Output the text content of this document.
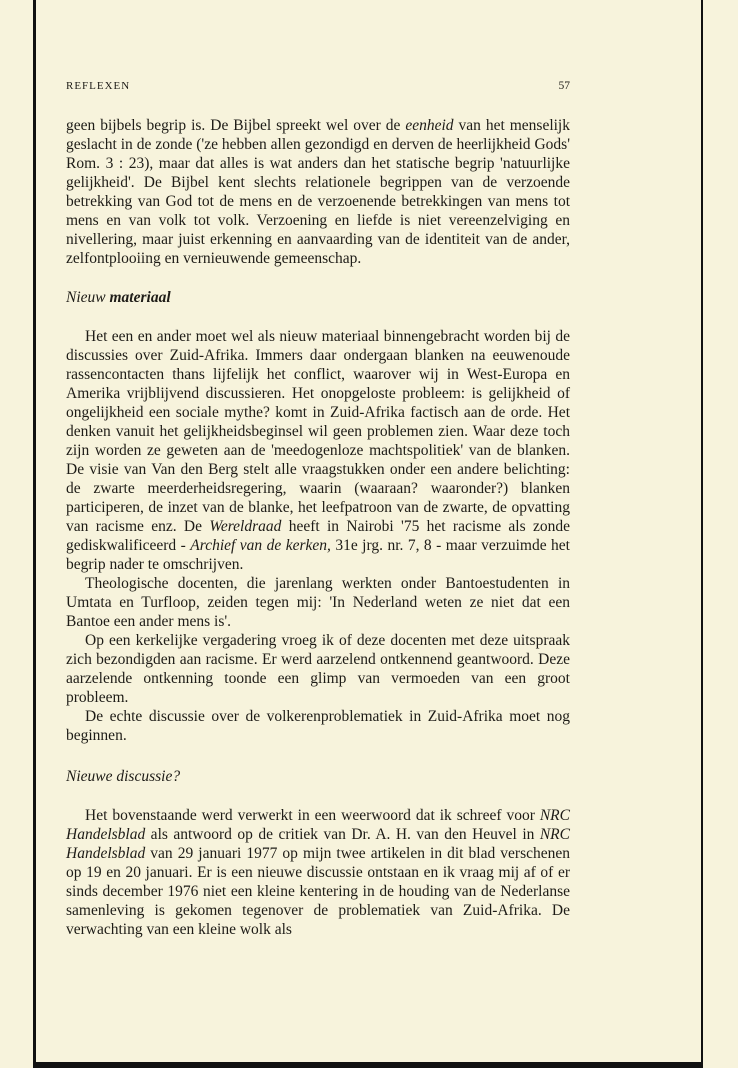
REFLEXEN	57

geen bijbels begrip is. De Bijbel spreekt wel over de eenheid van het menselijk geslacht in de zonde ('ze hebben allen gezondigd en derven de heerlijkheid Gods' Rom. 3 : 23), maar dat alles is wat anders dan het statische begrip 'natuurlijke gelijkheid'. De Bijbel kent slechts relationele begrippen van de verzoende betrekking van God tot de mens en de verzoenende betrekkingen van mens tot mens en van volk tot volk. Verzoening en liefde is niet vereenzelviging en nivellering, maar juist erkenning en aanvaarding van de identiteit van de ander, zelfontplooiing en vernieuwende gemeenschap.

Nieuw materiaal

Het een en ander moet wel als nieuw materiaal binnengebracht worden bij de discussies over Zuid-Afrika. Immers daar ondergaan blanken na eeuwenoude rassencontacten thans lijfelijk het conflict, waarover wij in West-Europa en Amerika vrijblijvend discussieren. Het onopgeloste probleem: is gelijkheid of ongelijkheid een sociale mythe? komt in Zuid-Afrika factisch aan de orde. Het denken vanuit het gelijkheidsbeginsel wil geen problemen zien. Waar deze toch zijn worden ze geweten aan de 'meedogenloze machtspolitiek' van de blanken. De visie van Van den Berg stelt alle vraagstukken onder een andere belichting: de zwarte meerderheidsregering, waarin (waaraan? waaronder?) blanken participeren, de inzet van de blanke, het leefpatroon van de zwarte, de opvatting van racisme enz. De Wereldraad heeft in Nairobi '75 het racisme als zonde gediskwalificeerd - Archief van de kerken, 31e jrg. nr. 7, 8 - maar verzuimde het begrip nader te omschrijven.

Theologische docenten, die jarenlang werkten onder Bantoestudenten in Umtata en Turfloop, zeiden tegen mij: 'In Nederland weten ze niet dat een Bantoe een ander mens is'.

Op een kerkelijke vergadering vroeg ik of deze docenten met deze uitspraak zich bezondigden aan racisme. Er werd aarzelend ontkennend geantwoord. Deze aarzelende ontkenning toonde een glimp van vermoeden van een groot probleem.

De echte discussie over de volkerenproblematiek in Zuid-Afrika moet nog beginnen.

Nieuwe discussie?

Het bovenstaande werd verwerkt in een weerwoord dat ik schreef voor NRC Handelsblad als antwoord op de critiek van Dr. A. H. van den Heuvel in NRC Handelsblad van 29 januari 1977 op mijn twee artikelen in dit blad verschenen op 19 en 20 januari. Er is een nieuwe discussie ontstaan en ik vraag mij af of er sinds december 1976 niet een kleine kentering in de houding van de Nederlanse samenleving is gekomen tegenover de problematiek van Zuid-Afrika. De verwachting van een kleine wolk als
